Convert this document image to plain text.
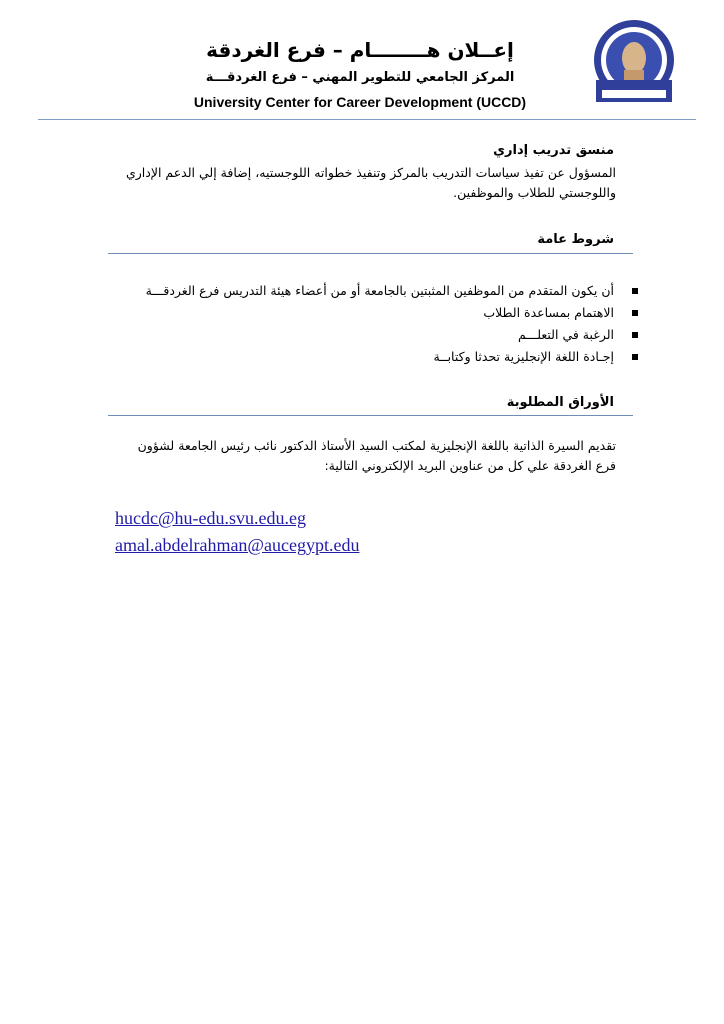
إعــلان هــــــــام – فرع الغردقة
المركز الجامعي للتطوير المهني – فرع الغردقـــة
University Center for Career Development (UCCD)
منسق تدريب إداري
المسؤول عن تفيذ سياسات التدريب بالمركز وتنفيذ خطواته اللوجستيه، إضافة إلي الدعم الإداري واللوجستي للطلاب والموظفين.
شروط عامة
أن يكون المتقدم من الموظفين المثبتين بالجامعة أو من أعضاء هيئة التدريس فرع الغردقـــة
الاهتمام بمساعدة الطلاب
الرغبة في التعلـــم
إجـادة اللغة الإنجليزية تحدثا وكتابــة
الأوراق المطلوبة
تقديم السيرة الذاتية باللغة الإنجليزية لمكتب السيد الأستاذ الدكتور نائب رئيس الجامعة لشؤون فرع الغردقة علي كل من عناوين البريد الإلكتروني التالية:
hucdc@hu-edu.svu.edu.eg
amal.abdelrahman@aucegypt.edu
